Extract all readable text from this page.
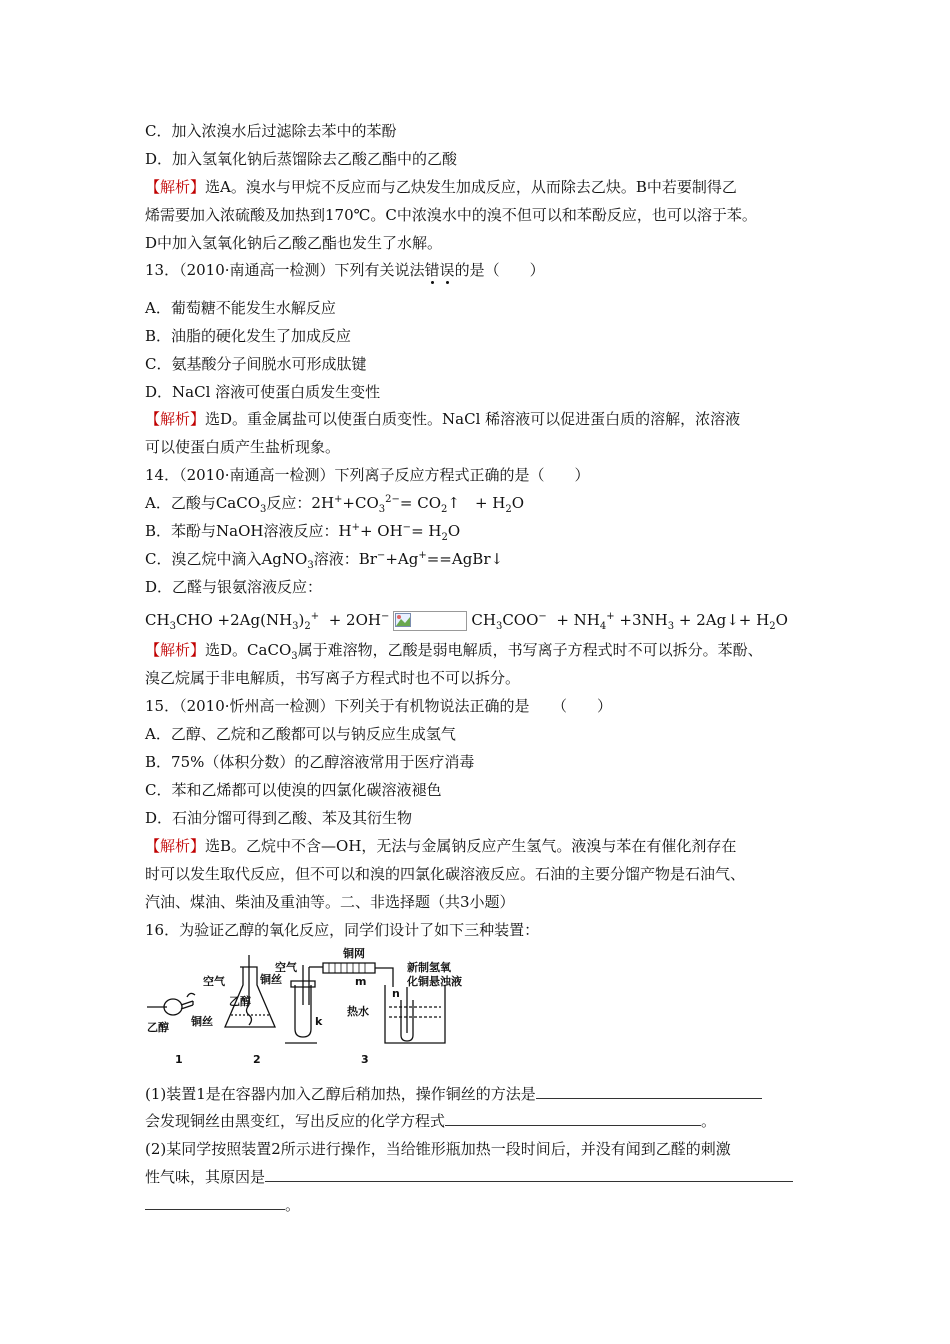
C．加入浓溴水后过滤除去苯中的苯酚
D．加入氢氧化钠后蒸馏除去乙酸乙酯中的乙酸
【解析】选A。溴水与甲烷不反应而与乙炔发生加成反应，从而除去乙炔。B中若要制得乙
烯需要加入浓硫酸及加热到170℃。C中浓溴水中的溴不但可以和苯酚反应，也可以溶于苯。
D中加入氢氧化钠后乙酸乙酯也发生了水解。
13．（2010·南通高一检测）下列有关说法错误的是（　　）
A．葡萄糖不能发生水解反应
B．油脂的硬化发生了加成反应
C．氨基酸分子间脱水可形成肽键
D．NaCl 溶液可使蛋白质发生变性
【解析】选D。重金属盐可以使蛋白质变性。NaCl 稀溶液可以促进蛋白质的溶解，浓溶液
可以使蛋白质产生盐析现象。
14．（2010·南通高一检测）下列离子反应方程式正确的是（　　）
A．乙酸与CaCO$_3$反应：$2H^++CO_3^{2-}=$ $CO_2↑$　+ $H_2O$
B．苯酚与NaOH溶液反应：$H^++ OH^-= H_2O$
C．溴乙烷中滴入AgNO$_3$溶液：Br−+Ag+==AgBr↓
D．乙醛与银氨溶液反应：
$CH_3CHO +2Ag(NH_3)_2^+ + 2OH^-$	$CH_3COO^- + NH_4^+ +3NH_3$ + 2Ag↓+ $H_2O$
【解析】选D。CaCO$_3$属于难溶物，乙酸是弱电解质，书写离子方程式时不可以拆分。苯酚、
溴乙烷属于非电解质，书写离子方程式时也不可以拆分。
15．（2010·忻州高一检测）下列关于有机物说法正确的是　　（　　）
A．乙醇、乙烷和乙酸都可以与钠反应生成氢气
B．75%（体积分数）的乙醇溶液常用于医疗消毒
C．苯和乙烯都可以使溴的四氯化碳溶液褪色
D．石油分馏可得到乙酸、苯及其衍生物
【解析】选B。乙烷中不含—OH，无法与金属钠反应产生氢气。液溴与苯在有催化剂存在
时可以发生取代反应，但不可以和溴的四氯化碳溶液反应。石油的主要分馏产物是石油气、
汽油、煤油、柴油及重油等。二、非选择题（共3小题）
16．为验证乙醇的氧化反应，同学们设计了如下三种装置：
空气	铜丝
乙醇
空气
铜网
m
新制氢氧
化铜悬浊液
n
乙醇 铜丝	k
热水
1	2	3
(1)装置1是在容器内加入乙醇后稍加热，操作铜丝的方法是
会发现铜丝由黑变红，写出反应的化学方程式	。
(2)某同学按照装置2所示进行操作，当给锥形瓶加热一段时间后，并没有闻到乙醛的刺激
性气味，其原因是
。
